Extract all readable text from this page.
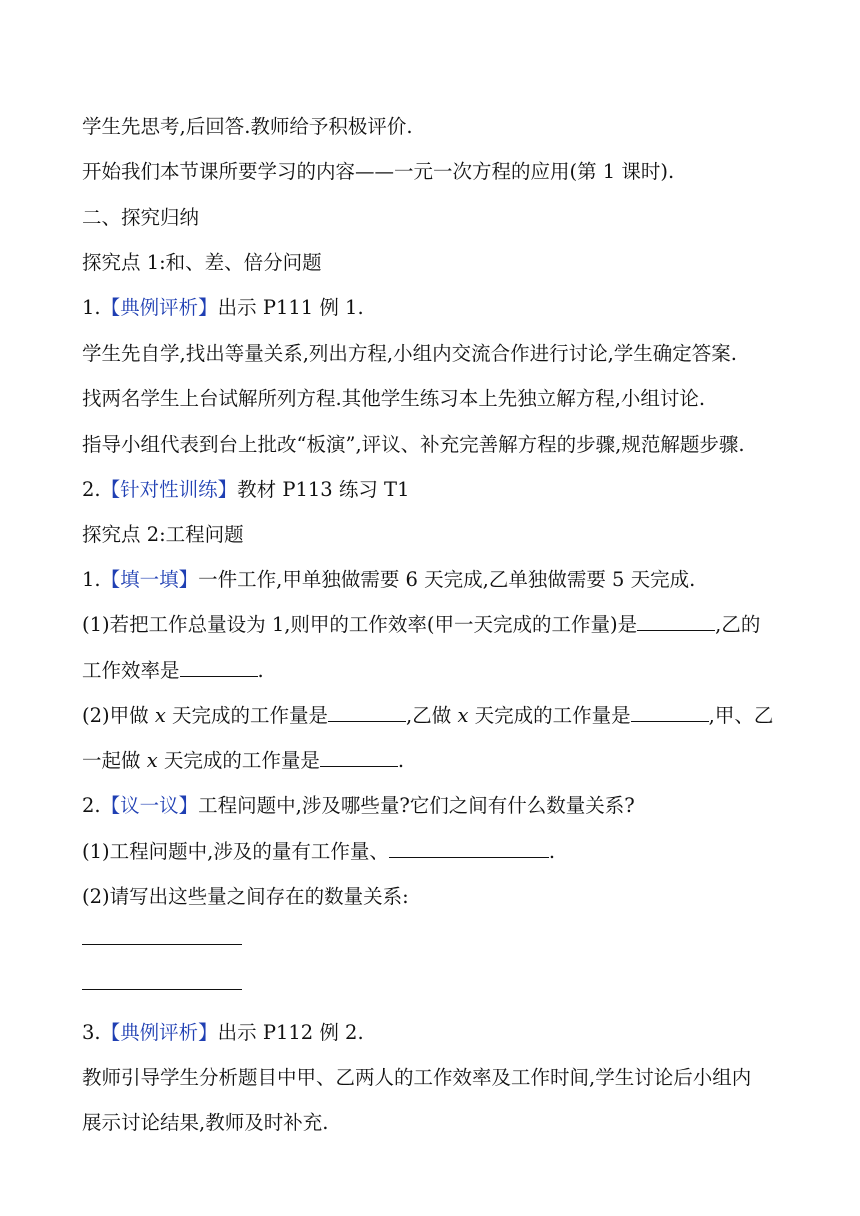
学生先思考,后回答.教师给予积极评价.
开始我们本节课所要学习的内容——一元一次方程的应用(第 1 课时).
二、探究归纳
探究点 1:和、差、倍分问题
1.【典例评析】出示 P111 例 1.
学生先自学,找出等量关系,列出方程,小组内交流合作进行讨论,学生确定答案.
找两名学生上台试解所列方程.其他学生练习本上先独立解方程,小组讨论.
指导小组代表到台上批改“板演”,评议、补充完善解方程的步骤,规范解题步骤.
2.【针对性训练】教材 P113 练习 T1
探究点 2:工程问题
1.【填一填】一件工作,甲单独做需要 6 天完成,乙单独做需要 5 天完成.
(1)若把工作总量设为 1,则甲的工作效率(甲一天完成的工作量)是	,乙的
工作效率是	.
(2)甲做 x 天完成的工作量是	,乙做 x 天完成的工作量是	,甲、乙
一起做 x 天完成的工作量是	.
2.【议一议】工程问题中,涉及哪些量?它们之间有什么数量关系?
(1)工程问题中,涉及的量有工作量、	.
(2)请写出这些量之间存在的数量关系:
3.【典例评析】出示 P112 例 2.
教师引导学生分析题目中甲、乙两人的工作效率及工作时间,学生讨论后小组内
展示讨论结果,教师及时补充.
